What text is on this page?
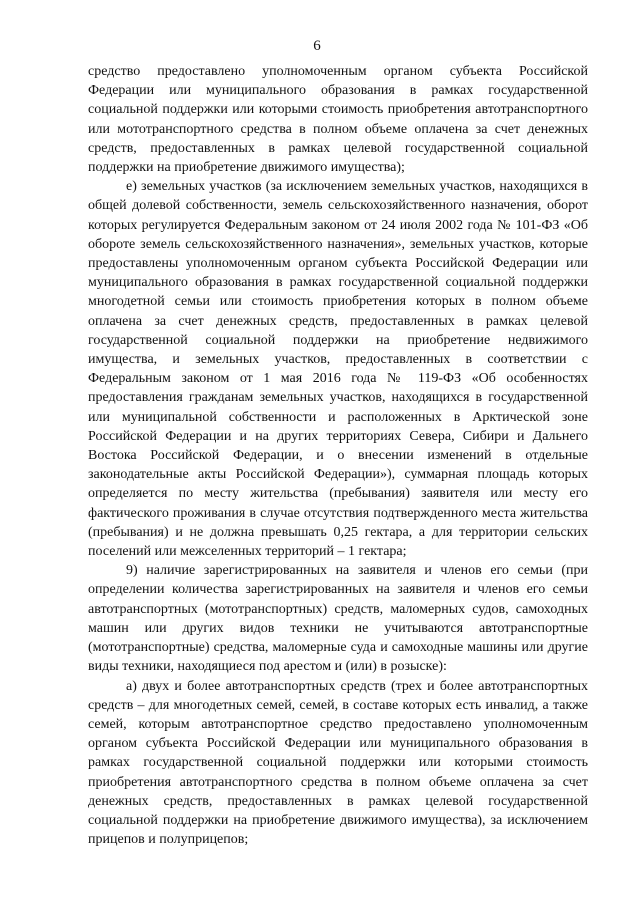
6

средство предоставлено уполномоченным органом субъекта Российской Федерации или муниципального образования в рамках государственной социальной поддержки или которыми стоимость приобретения автотранспортного или мототранспортного средства в полном объеме оплачена за счет денежных средств, предоставленных в рамках целевой государственной социальной поддержки на приобретение движимого имущества);

е) земельных участков (за исключением земельных участков, находящихся в общей долевой собственности, земель сельскохозяйственного назначения, оборот которых регулируется Федеральным законом от 24 июля 2002 года № 101-ФЗ «Об обороте земель сельскохозяйственного назначения», земельных участков, которые предоставлены уполномоченным органом субъекта Российской Федерации или муниципального образования в рамках государственной социальной поддержки многодетной семьи или стоимость приобретения которых в полном объеме оплачена за счет денежных средств, предоставленных в рамках целевой государственной социальной поддержки на приобретение недвижимого имущества, и земельных участков, предоставленных в соответствии с Федеральным законом от 1 мая 2016 года № 119-ФЗ «Об особенностях предоставления гражданам земельных участков, находящихся в государственной или муниципальной собственности и расположенных в Арктической зоне Российской Федерации и на других территориях Севера, Сибири и Дальнего Востока Российской Федерации, и о внесении изменений в отдельные законодательные акты Российской Федерации»), суммарная площадь которых определяется по месту жительства (пребывания) заявителя или месту его фактического проживания в случае отсутствия подтвержденного места жительства (пребывания) и не должна превышать 0,25 гектара, а для территории сельских поселений или межселенных территорий – 1 гектара;

9) наличие зарегистрированных на заявителя и членов его семьи (при определении количества зарегистрированных на заявителя и членов его семьи автотранспортных (мототранспортных) средств, маломерных судов, самоходных машин или других видов техники не учитываются автотранспортные (мототранспортные) средства, маломерные суда и самоходные машины или другие виды техники, находящиеся под арестом и (или) в розыске):

а) двух и более автотранспортных средств (трех и более автотранспортных средств – для многодетных семей, семей, в составе которых есть инвалид, а также семей, которым автотранспортное средство предоставлено уполномоченным органом субъекта Российской Федерации или муниципального образования в рамках государственной социальной поддержки или которыми стоимость приобретения автотранспортного средства в полном объеме оплачена за счет денежных средств, предоставленных в рамках целевой государственной социальной поддержки на приобретение движимого имущества), за исключением прицепов и полуприцепов;
